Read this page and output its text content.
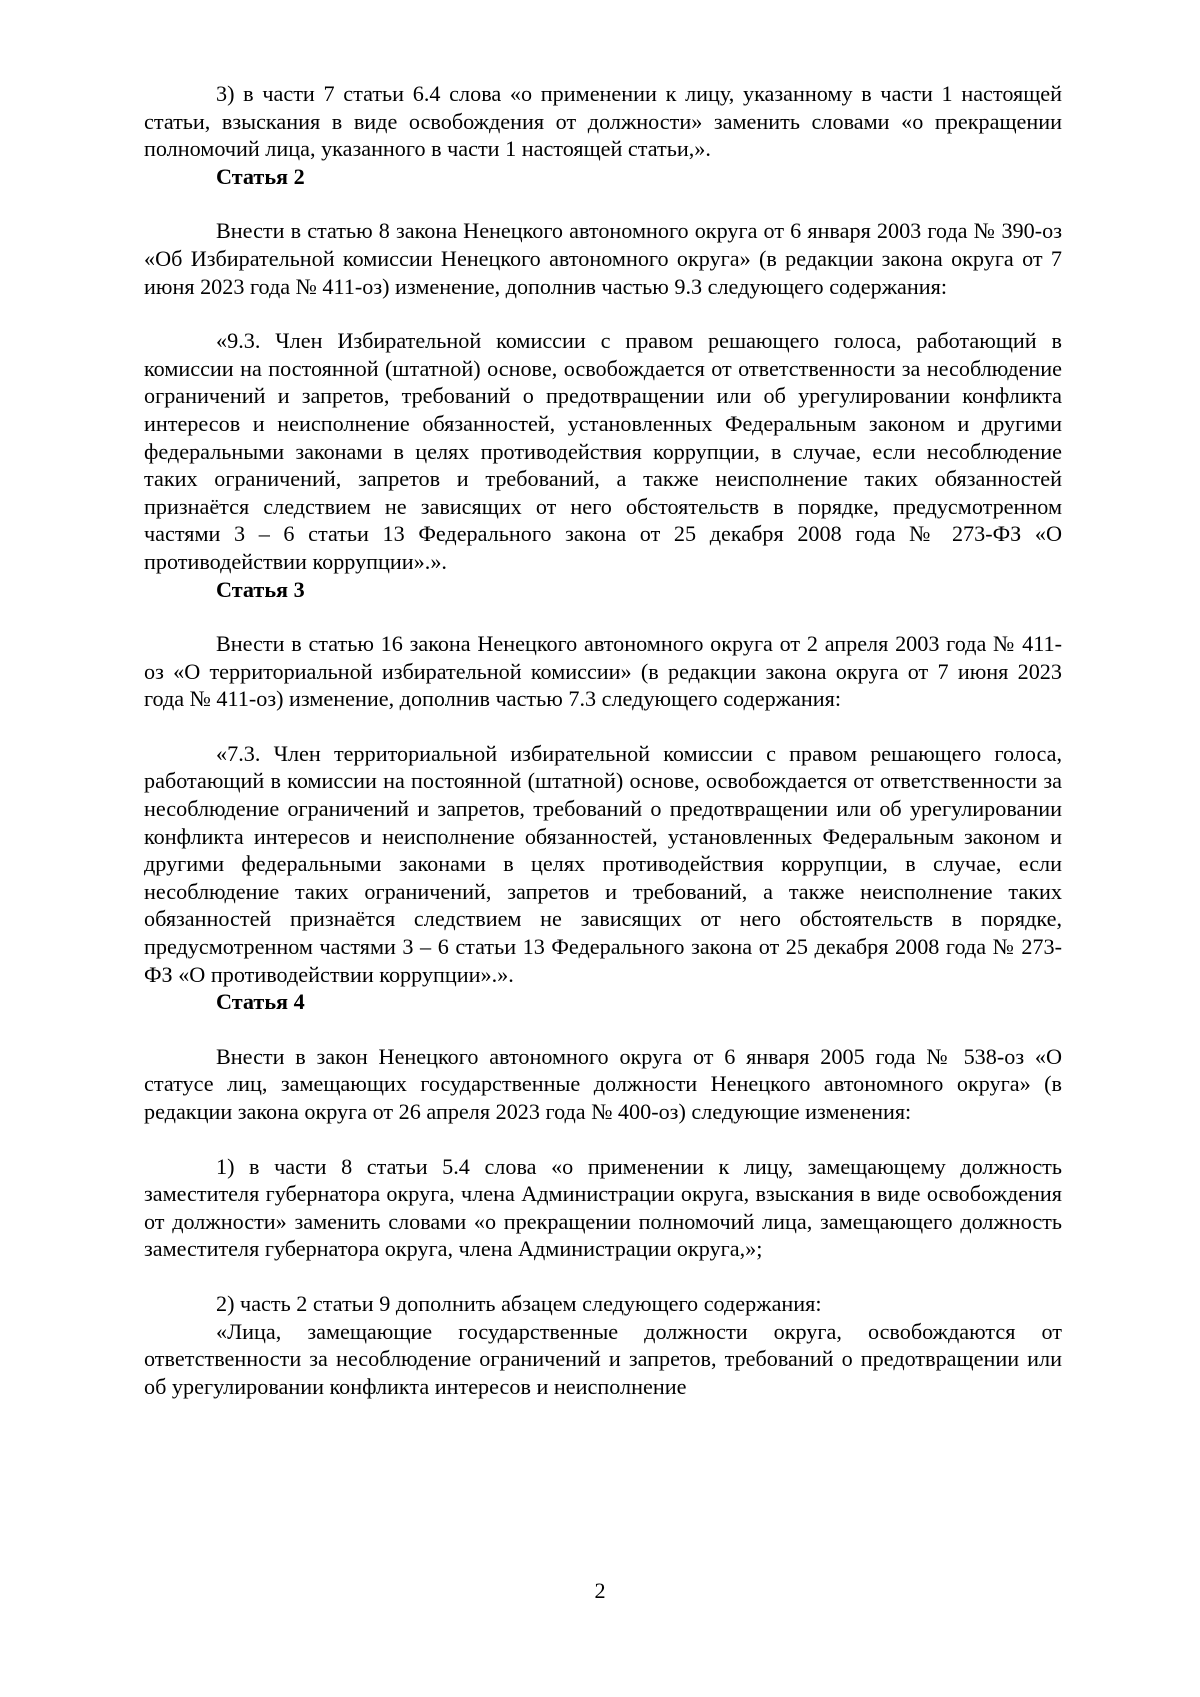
3) в части 7 статьи 6.4 слова «о применении к лицу, указанному в части 1 настоящей статьи, взыскания в виде освобождения от должности» заменить словами «о прекращении полномочий лица, указанного в части 1 настоящей статьи,».

Статья 2

Внести в статью 8 закона Ненецкого автономного округа от 6 января 2003 года № 390-оз «Об Избирательной комиссии Ненецкого автономного округа» (в редакции закона округа от 7 июня 2023 года № 411-оз) изменение, дополнив частью 9.3 следующего содержания:

«9.3. Член Избирательной комиссии с правом решающего голоса, работающий в комиссии на постоянной (штатной) основе, освобождается от ответственности за несоблюдение ограничений и запретов, требований о предотвращении или об урегулировании конфликта интересов и неисполнение обязанностей, установленных Федеральным законом и другими федеральными законами в целях противодействия коррупции, в случае, если несоблюдение таких ограничений, запретов и требований, а также неисполнение таких обязанностей признаётся следствием не зависящих от него обстоятельств в порядке, предусмотренном частями 3 – 6 статьи 13 Федерального закона от 25 декабря 2008 года № 273-ФЗ «О противодействии коррупции».».

Статья 3

Внести в статью 16 закона Ненецкого автономного округа от 2 апреля 2003 года № 411-оз «О территориальной избирательной комиссии» (в редакции закона округа от 7 июня 2023 года № 411-оз) изменение, дополнив частью 7.3 следующего содержания:

«7.3. Член территориальной избирательной комиссии с правом решающего голоса, работающий в комиссии на постоянной (штатной) основе, освобождается от ответственности за несоблюдение ограничений и запретов, требований о предотвращении или об урегулировании конфликта интересов и неисполнение обязанностей, установленных Федеральным законом и другими федеральными законами в целях противодействия коррупции, в случае, если несоблюдение таких ограничений, запретов и требований, а также неисполнение таких обязанностей признаётся следствием не зависящих от него обстоятельств в порядке, предусмотренном частями 3 – 6 статьи 13 Федерального закона от 25 декабря 2008 года № 273-ФЗ «О противодействии коррупции».».

Статья 4

Внести в закон Ненецкого автономного округа от 6 января 2005 года № 538-оз «О статусе лиц, замещающих государственные должности Ненецкого автономного округа» (в редакции закона округа от 26 апреля 2023 года № 400-оз) следующие изменения:

1) в части 8 статьи 5.4 слова «о применении к лицу, замещающему должность заместителя губернатора округа, члена Администрации округа, взыскания в виде освобождения от должности» заменить словами «о прекращении полномочий лица, замещающего должность заместителя губернатора округа, члена Администрации округа,»;

2) часть 2 статьи 9 дополнить абзацем следующего содержания:

«Лица, замещающие государственные должности округа, освобождаются от ответственности за несоблюдение ограничений и запретов, требований о предотвращении или об урегулировании конфликта интересов и неисполнение

2
